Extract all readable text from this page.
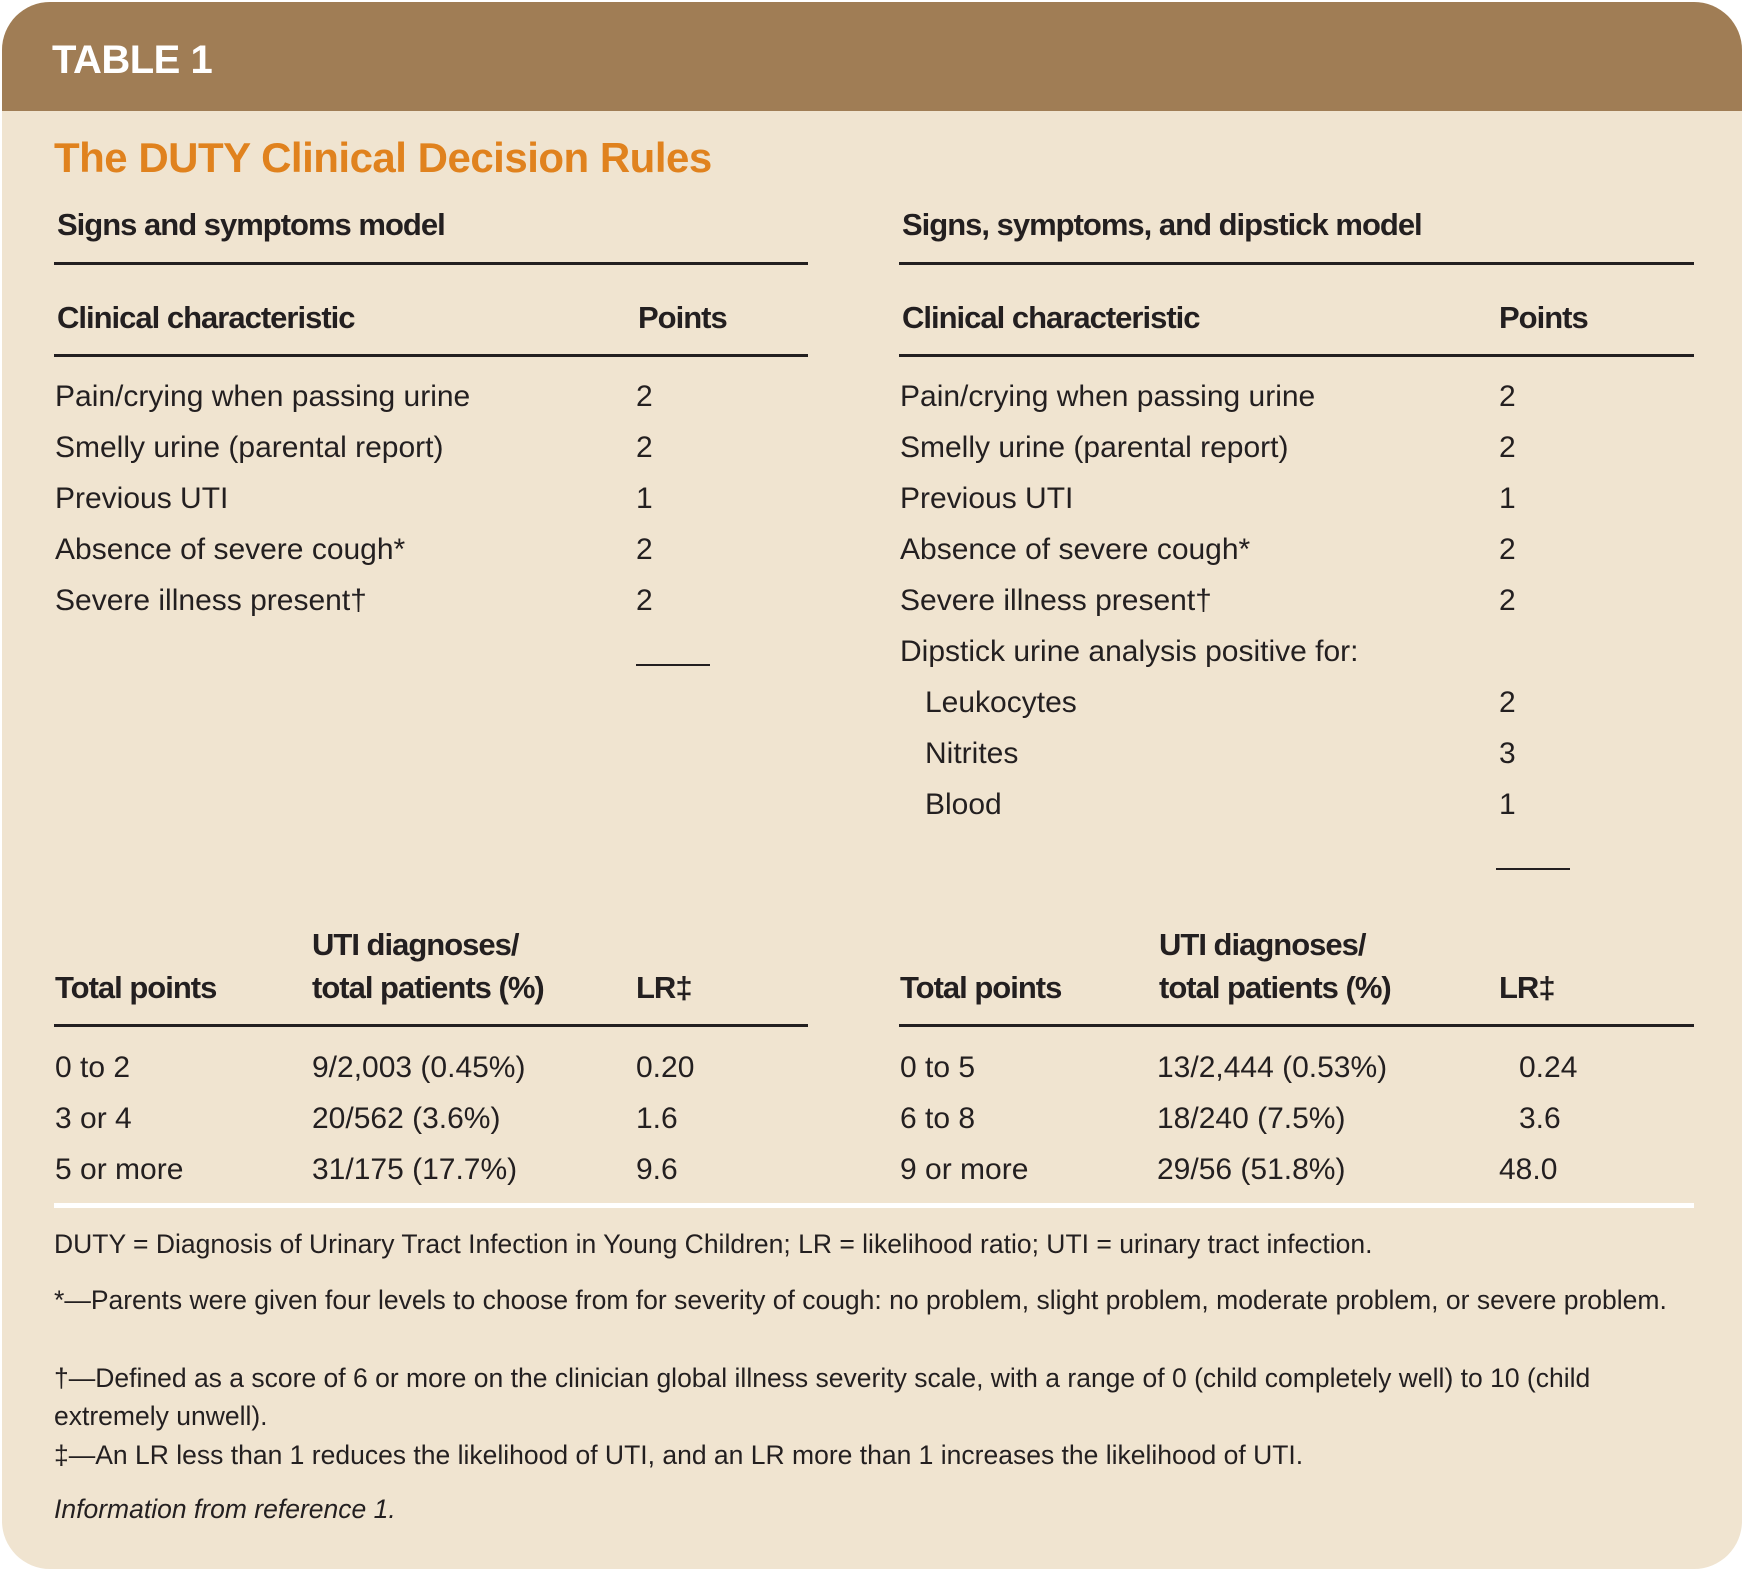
TABLE 1
The DUTY Clinical Decision Rules
Signs and symptoms model
Clinical characteristic	Points
Pain/crying when passing urine	2
Smelly urine (parental report)	2
Previous UTI	1
Absence of severe cough*	2
Severe illness present†	2
Signs, symptoms, and dipstick model
Clinical characteristic	Points
Pain/crying when passing urine	2
Smelly urine (parental report)	2
Previous UTI	1
Absence of severe cough*	2
Severe illness present†	2
Dipstick urine analysis positive for:
Leukocytes	2
Nitrites	3
Blood	1
UTI diagnoses/
Total points	total patients (%)	LR‡
UTI diagnoses/
Total points	total patients (%)	LR‡
0 to 2	9/2,003 (0.45%)	0.20
3 or 4	20/562 (3.6%)	1.6
5 or more	31/175 (17.7%)	9.6
0 to 5	13/2,444 (0.53%)	0.24
6 to 8	18/240 (7.5%)	3.6
9 or more	29/56 (51.8%)	48.0
DUTY = Diagnosis of Urinary Tract Infection in Young Children; LR = likelihood ratio; UTI = urinary tract infection.
*—Parents were given four levels to choose from for severity of cough: no problem, slight problem, moderate problem, or severe problem.
†—Defined as a score of 6 or more on the clinician global illness severity scale, with a range of 0 (child completely well) to 10 (child extremely unwell).
‡—An LR less than 1 reduces the likelihood of UTI, and an LR more than 1 increases the likelihood of UTI.
Information from reference 1.
